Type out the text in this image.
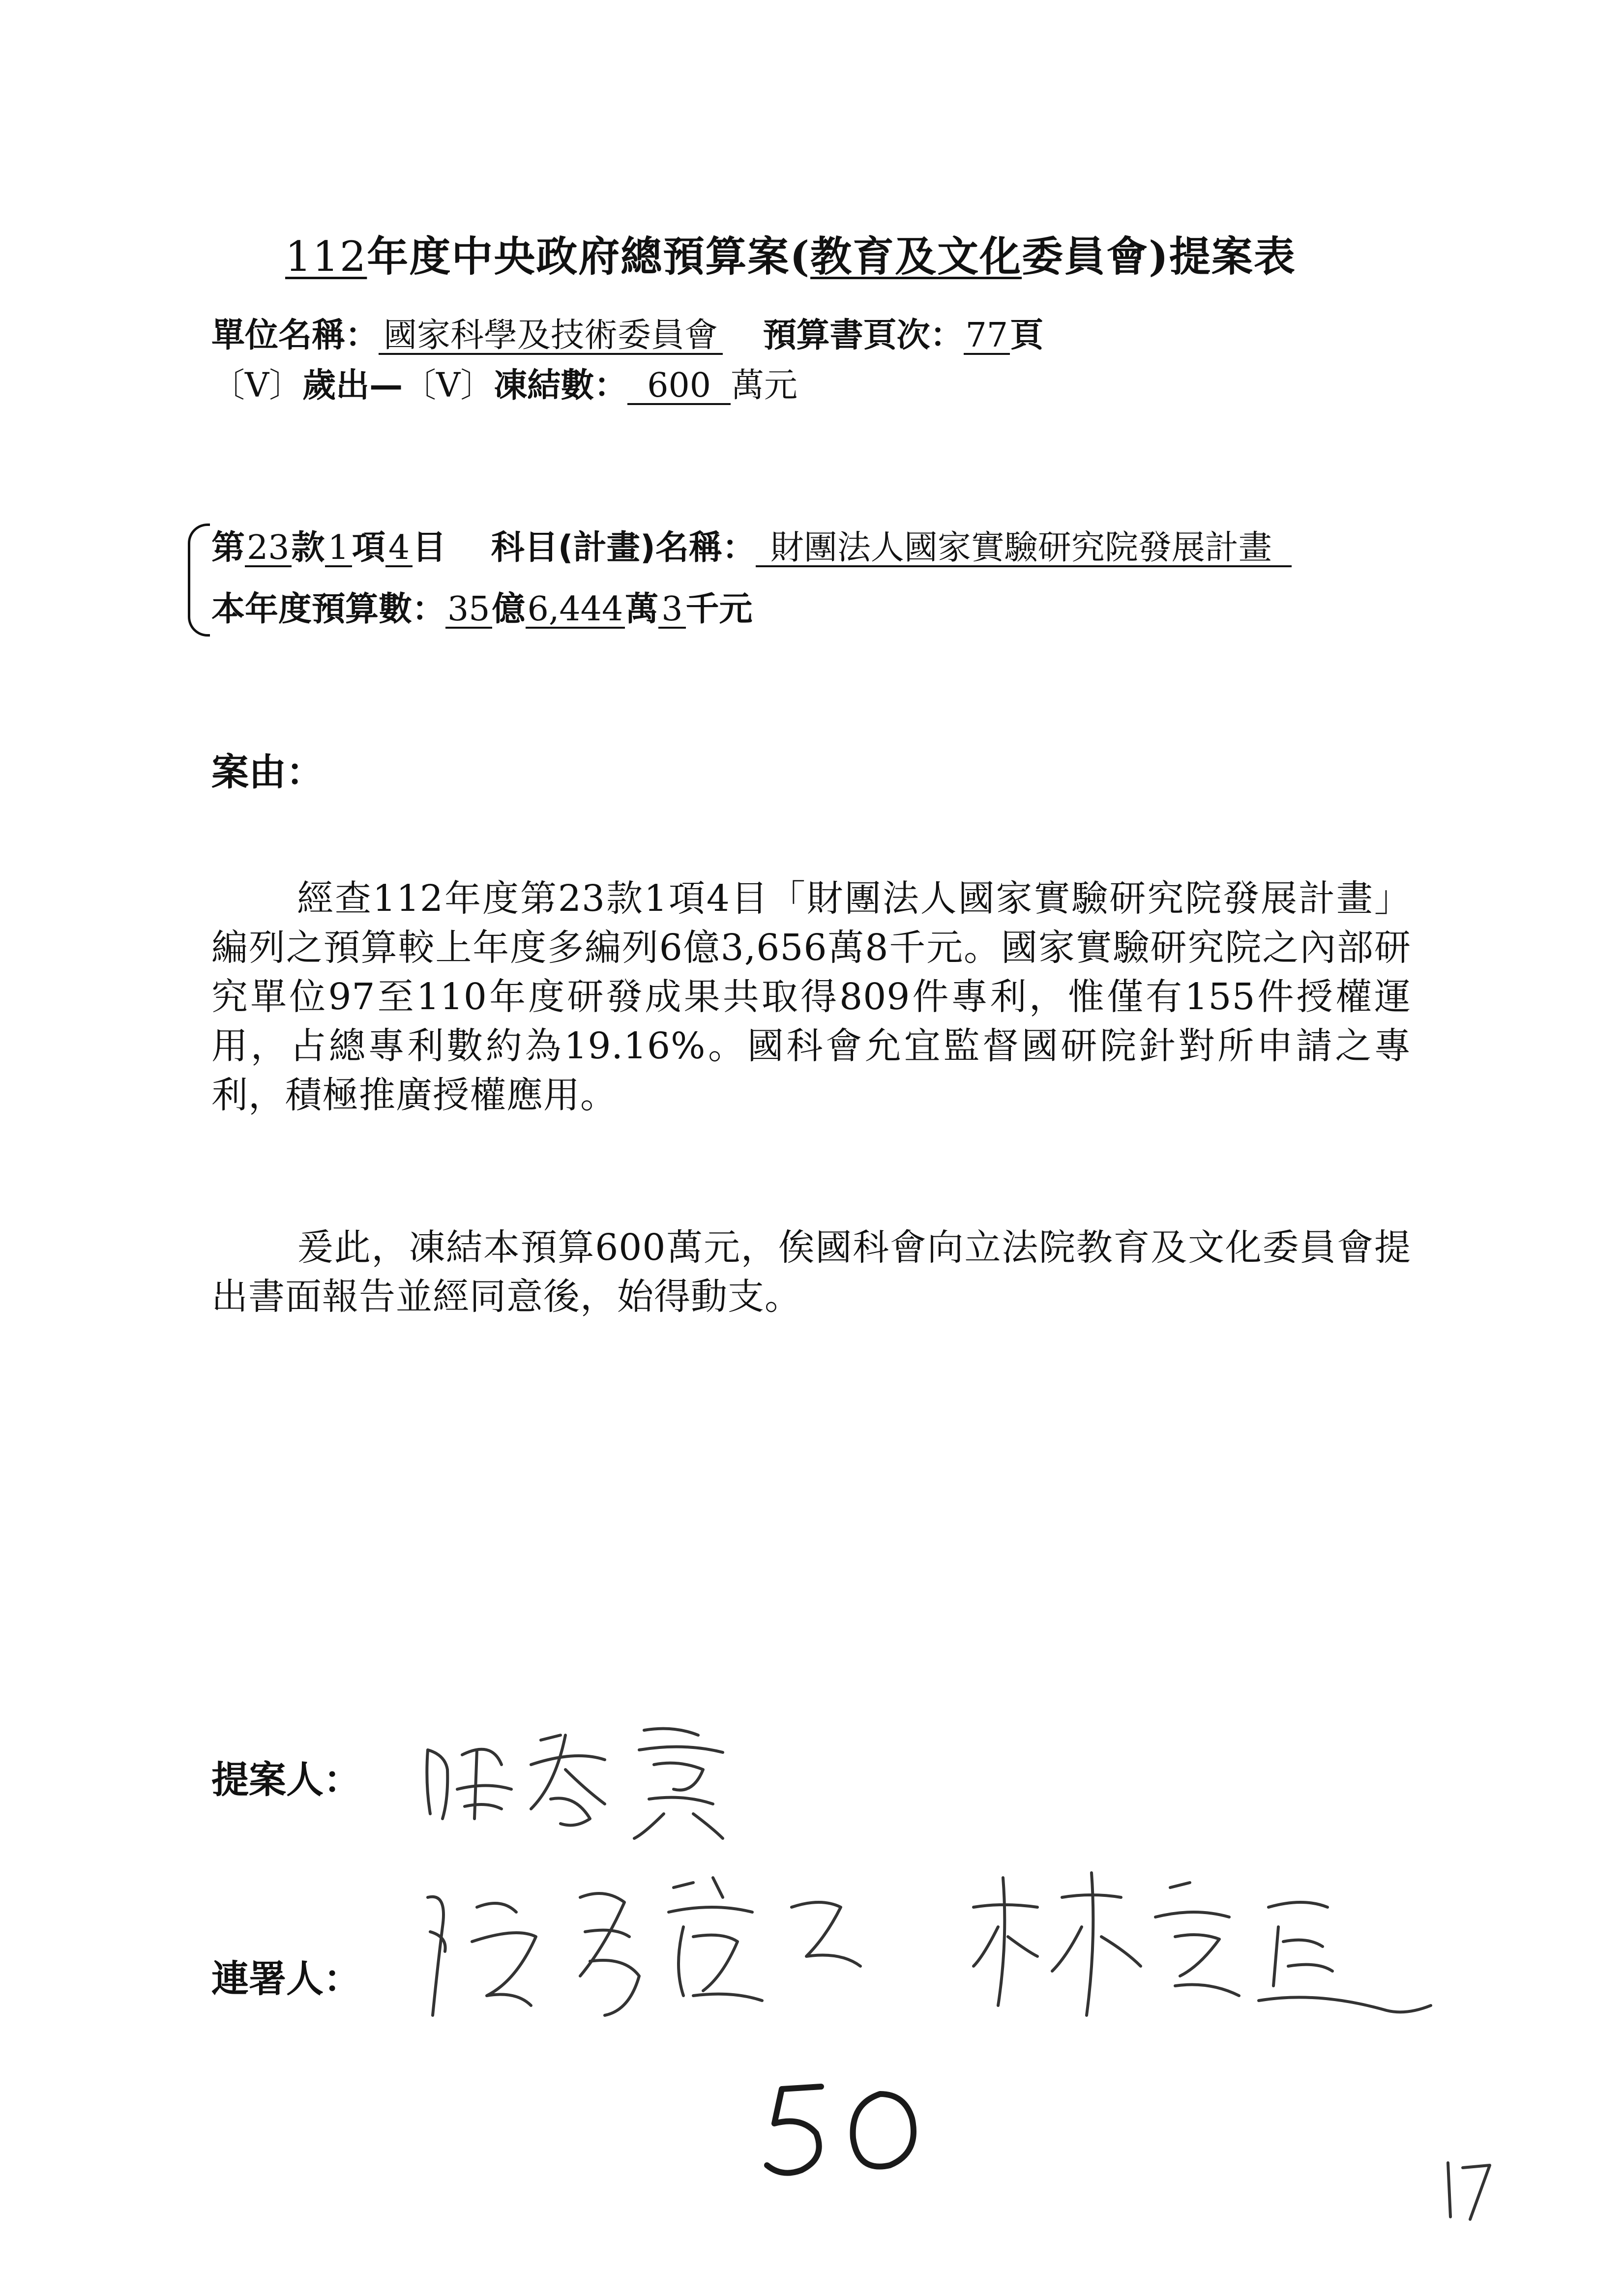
112年度中央政府總預算案(教育及文化委員會)提案表
單位名稱： 國家科學及技術委員會 預算書頁次：77頁
〔V〕歲出—〔V〕凍結數： 600 萬元
第23款1項4目 科目(計畫)名稱： 財團法人國家實驗研究院發展計畫
本年度預算數：35億6,444萬3千元
案由：
經查112年度第23款1項4目「財團法人國家實驗研究院發展計畫」編列之預算較上年度多編列6億3,656萬8千元。國家實驗研究院之內部研究單位97至110年度研發成果共取得809件專利，惟僅有155件授權運用，占總專利數約為19.16%。國科會允宜監督國研院針對所申請之專利，積極推廣授權應用。
爰此，凍結本預算600萬元，俟國科會向立法院教育及文化委員會提出書面報告並經同意後，始得動支。
提案人：
連署人：
